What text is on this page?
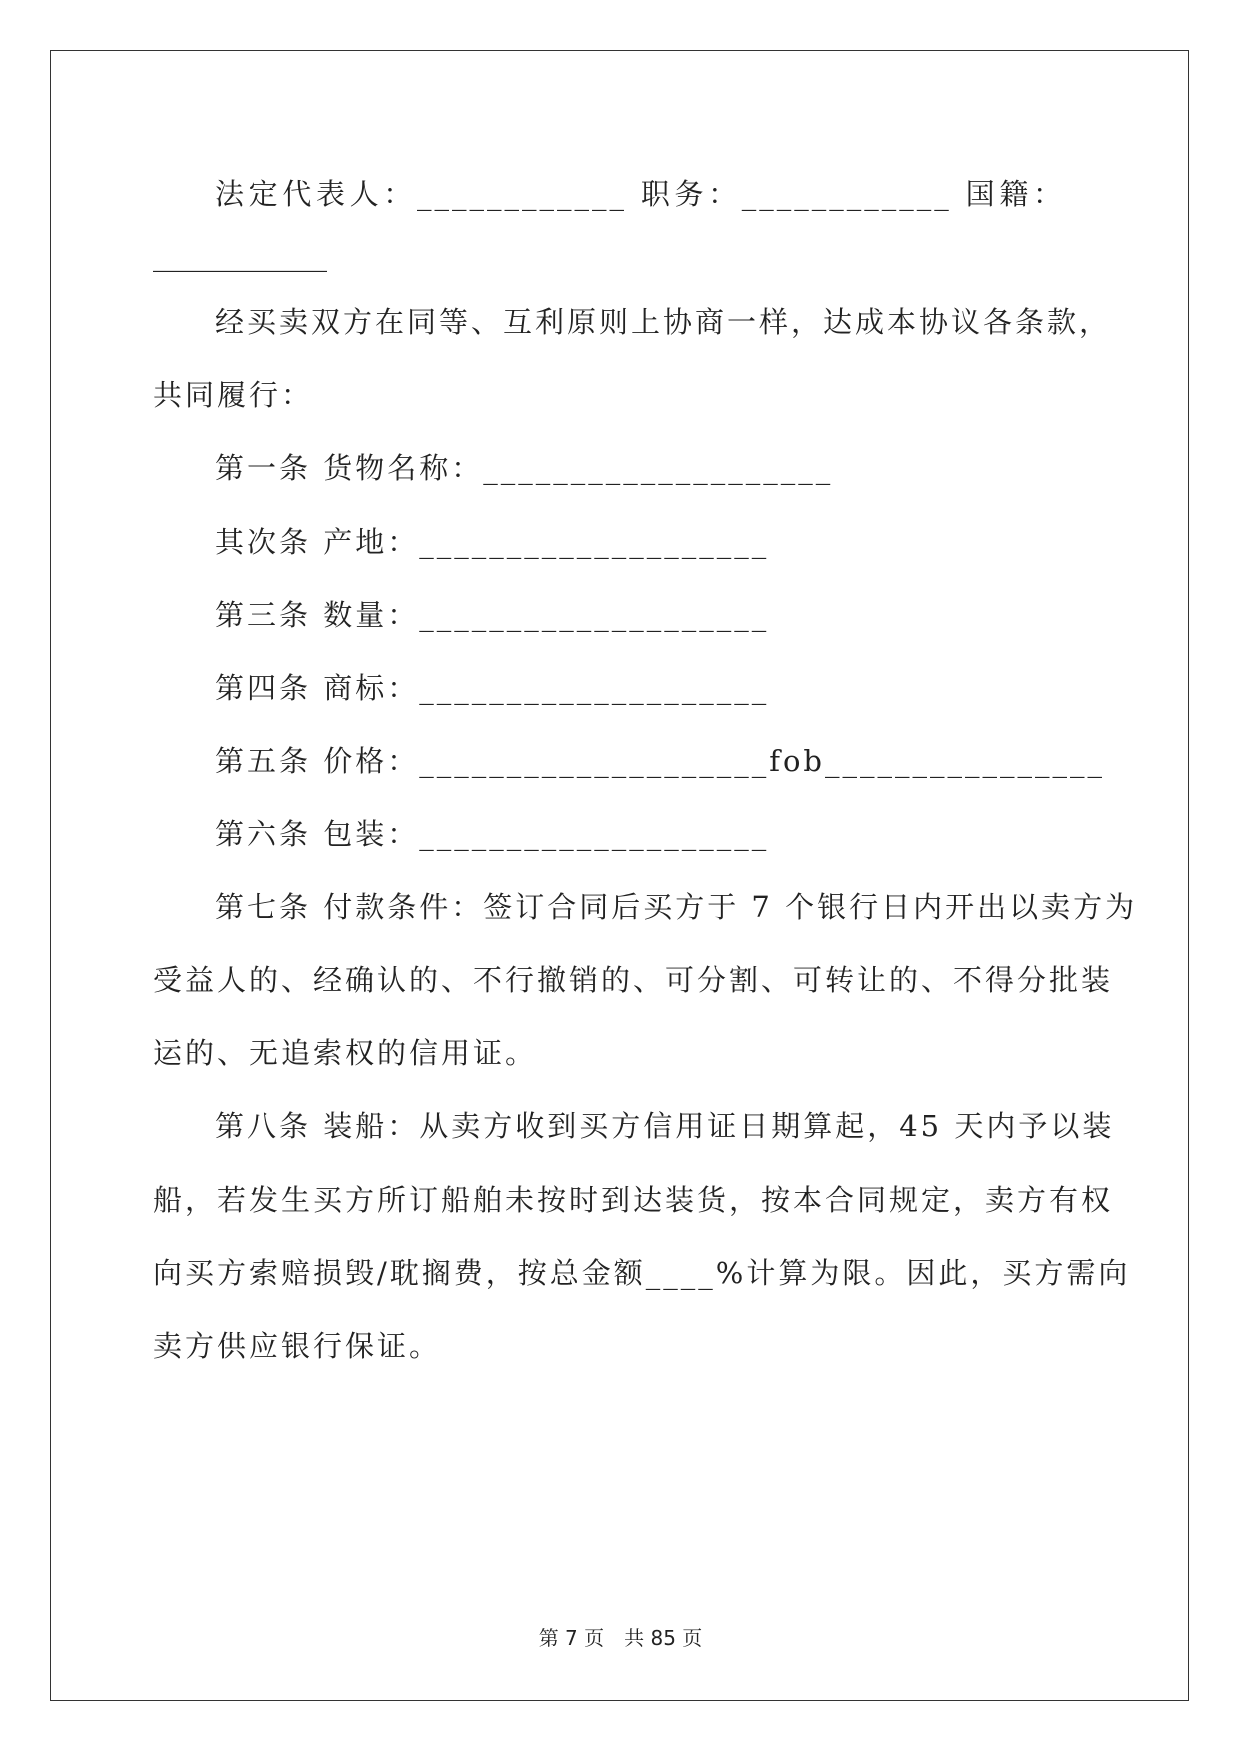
法定代表人：____________ 职务：____________ 国籍：
____________
经买卖双方在同等、互利原则上协商一样，达成本协议各条款，
共同履行：
第一条 货物名称：____________________
其次条 产地：____________________
第三条 数量：____________________
第四条 商标：____________________
第五条 价格：____________________fob________________
第六条 包装：____________________
第七条 付款条件：签订合同后买方于 7 个银行日内开出以卖方为
受益人的、经确认的、不行撤销的、可分割、可转让的、不得分批装
运的、无追索权的信用证。
第八条 装船：从卖方收到买方信用证日期算起，45 天内予以装
船，若发生买方所订船舶未按时到达装货，按本合同规定，卖方有权
向买方索赔损毁/耽搁费，按总金额____%计算为限。因此，买方需向
卖方供应银行保证。
第 7 页　共 85 页
